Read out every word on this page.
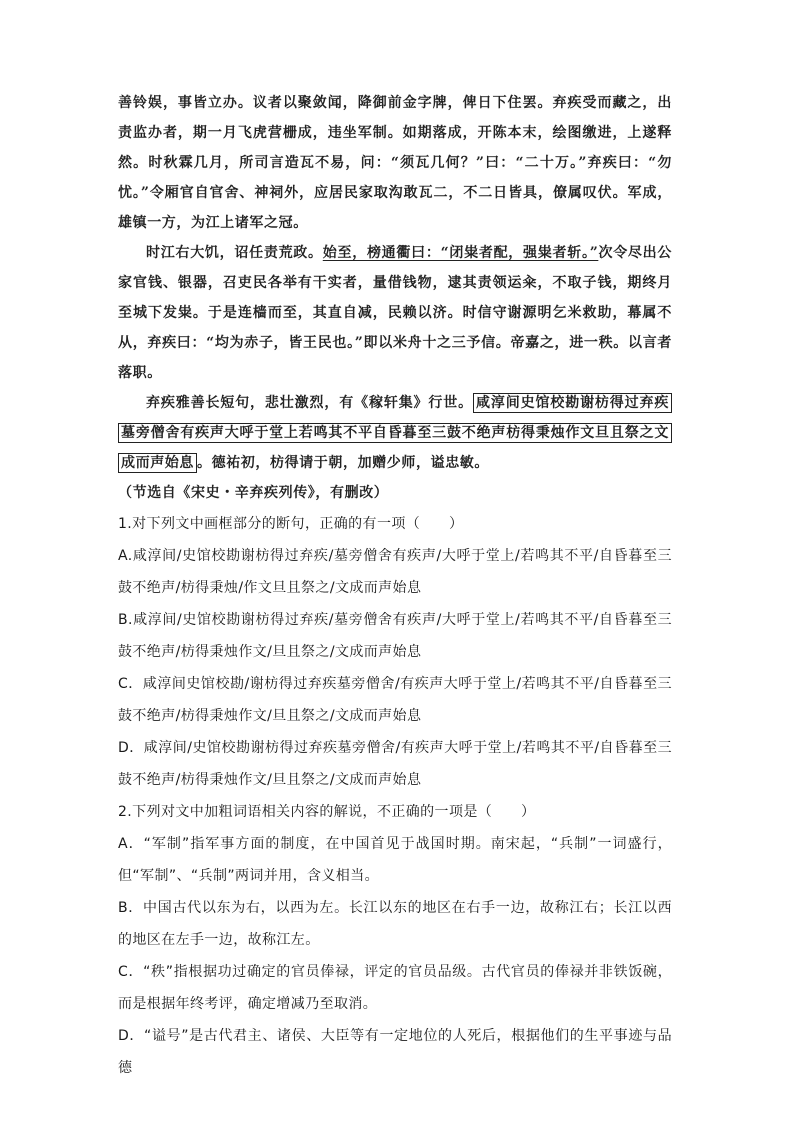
善铃娱，事皆立办。议者以聚敛闻，降御前金字牌，俾日下住罢。弃疾受而藏之，出责监办者，期一月飞虎营栅成，违坐军制。如期落成，开陈本末，绘图缴进，上遂释然。时秋霖几月，所司言造瓦不易，问：“须瓦几何？”曰：“二十万。”弃疾曰：“勿忧。”令厢官自官舍、神祠外，应居民家取沟敢瓦二，不二日皆具，僚属叹伏。军成，雄镇一方，为江上诸军之冠。

时江右大饥，诏任责荒政。始至，榜通衢曰：“闭粜者配，强粜者斩。”次令尽出公家官钱、银器，召吏民各举有干实者，量借钱物，逮其责领运籴，不取子钱，期终月至城下发粜。于是连樯而至，其直自减，民赖以济。时信守谢源明乞米救助，幕属不从，弃疾曰：“均为赤子，皆王民也。”即以米舟十之三予信。帝嘉之，进一秩。以言者落职。

弃疾雅善长短句，悲壮激烈，有《稼轩集》行世。 咸淳间史馆校勘谢枋得过弃疾墓旁僧舍有疾声大呼于堂上若鸣其不平自昏暮至三鼓不绝声枋得秉烛作文旦且祭之文成而声始息 。德祐初，枋得请于朝，加赠少师，谥忠敏。

（节选自《宋史・辛弃疾列传》，有删改）

1.对下列文中画框部分的断句，正确的有一项（　　）

A.咸淳间/史馆校勘谢枋得过弃疾/墓旁僧舍有疾声/大呼于堂上/若鸣其不平/自昏暮至三鼓不绝声/枋得秉烛/作文旦且祭之/文成而声始息

B.咸淳间/史馆校勘谢枋得过弃疾/墓旁僧舍有疾声/大呼于堂上/若鸣其不平/自昏暮至三鼓不绝声/枋得秉烛作文/旦且祭之/文成而声始息

C．咸淳间史馆校勘/谢枋得过弃疾墓旁僧舍/有疾声大呼于堂上/若鸣其不平/自昏暮至三鼓不绝声/枋得秉烛作文/旦且祭之/文成而声始息

D．咸淳间/史馆校勘谢枋得过弃疾墓旁僧舍/有疾声大呼于堂上/若鸣其不平/自昏暮至三鼓不绝声/枋得秉烛作文/旦且祭之/文成而声始息

2.下列对文中加粗词语相关内容的解说，不正确的一项是（　　）

A．“军制”指军事方面的制度，在中国首见于战国时期。南宋起，“兵制”一词盛行，但“军制”、“兵制”两词并用，含义相当。

B．中国古代以东为右，以西为左。长江以东的地区在右手一边，故称江右；长江以西的地区在左手一边，故称江左。

C．“秩”指根据功过确定的官员俸禄，评定的官员品级。古代官员的俸禄并非铁饭碗，而是根据年终考评，确定增减乃至取消。

D．“谥号”是古代君主、诸侯、大臣等有一定地位的人死后，根据他们的生平事迹与品德
